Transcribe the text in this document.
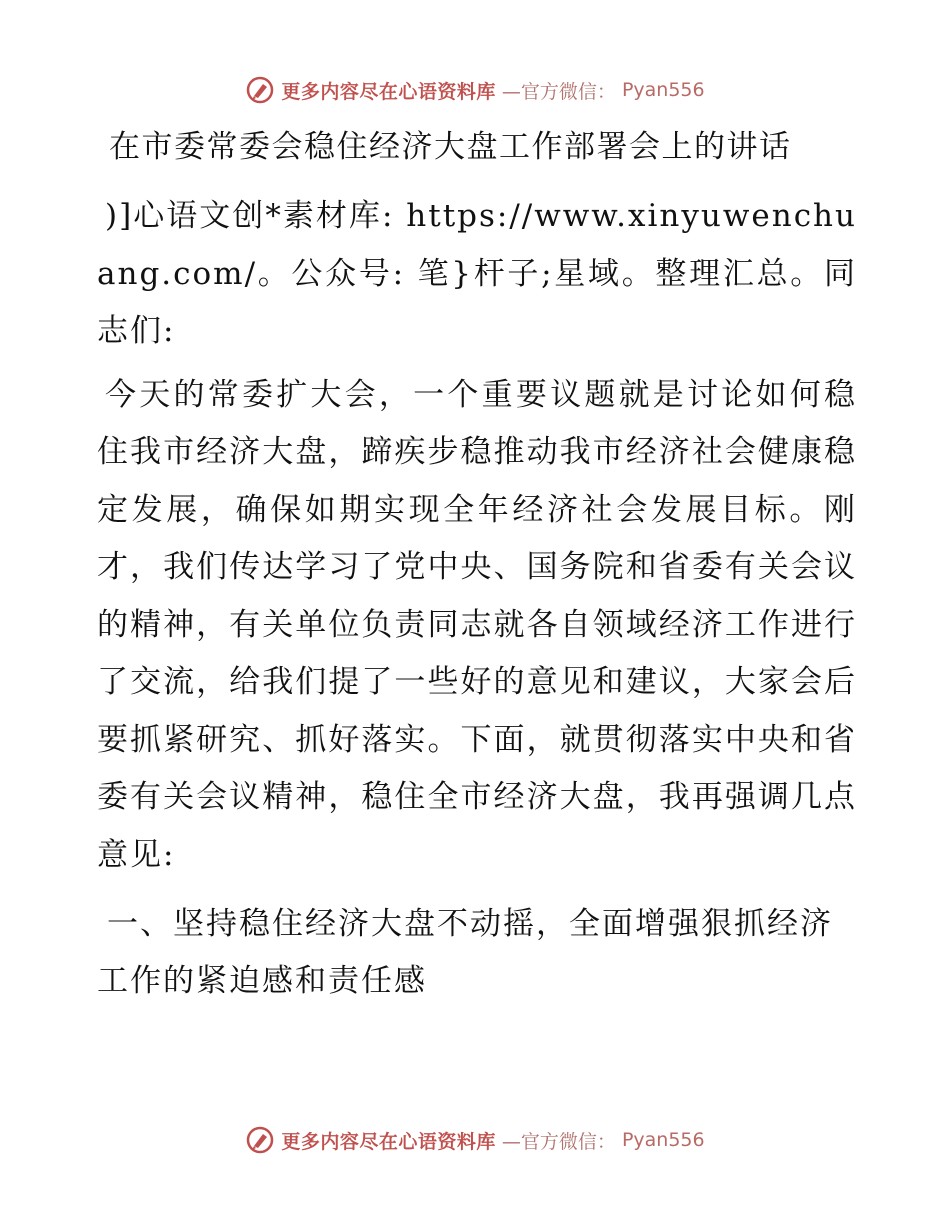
更多内容尽在心语资料库 —官方微信： Pyan556
在市委常委会稳住经济大盘工作部署会上的讲话

)]心语文创*素材库: https://www.xinyuwenchuang.com/。公众号: 笔}杆子;星域。整理汇总。同志们:

今天的常委扩大会，一个重要议题就是讨论如何稳住我市经济大盘，蹄疾步稳推动我市经济社会健康稳定发展，确保如期实现全年经济社会发展目标。刚才，我们传达学习了党中央、国务院和省委有关会议的精神，有关单位负责同志就各自领域经济工作进行了交流，给我们提了一些好的意见和建议，大家会后要抓紧研究、抓好落实。下面，就贯彻落实中央和省委有关会议精神，稳住全市经济大盘，我再强调几点意见:

一、坚持稳住经济大盘不动摇，全面增强狠抓经济工作的紧迫感和责任感

更多内容尽在心语资料库 —官方微信： Pyan556
